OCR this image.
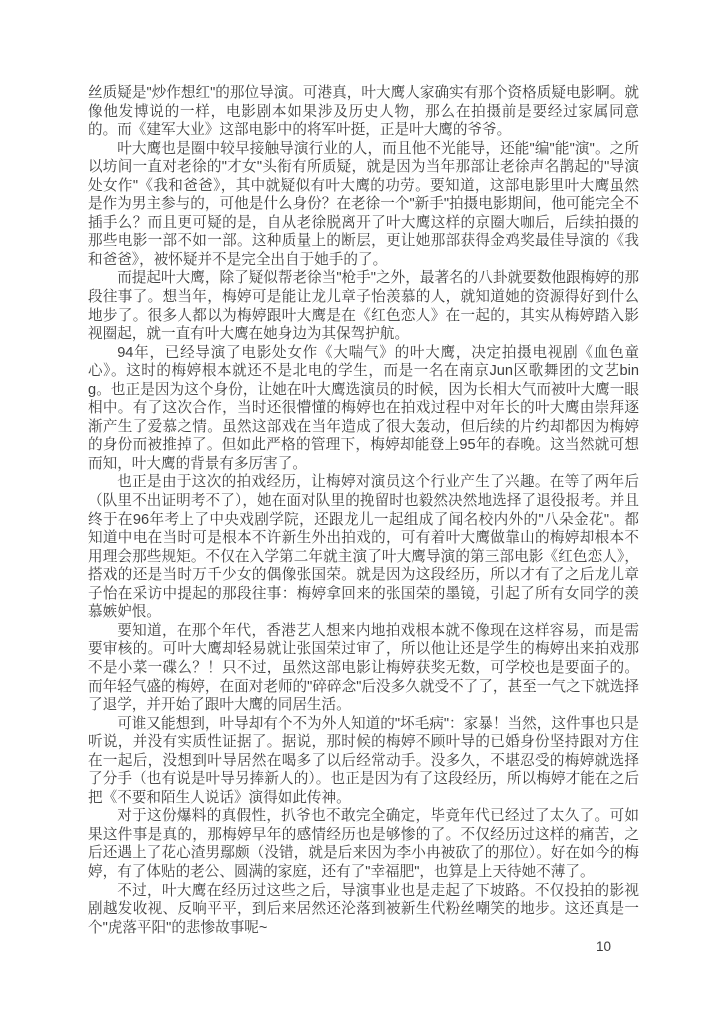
丝质疑是"炒作想红"的那位导演。可港真，叶大鹰人家确实有那个资格质疑电影啊。就像他发博说的一样，电影剧本如果涉及历史人物，那么在拍摄前是要经过家属同意的。而《建军大业》这部电影中的将军叶挺，正是叶大鹰的爷爷。

叶大鹰也是圈中较早接触导演行业的人，而且他不光能导，还能"编"能"演"。之所以坊间一直对老徐的"才女"头衔有所质疑，就是因为当年那部让老徐声名鹊起的"导演处女作"《我和爸爸》，其中就疑似有叶大鹰的功劳。要知道，这部电影里叶大鹰虽然是作为男主参与的，可他是什么身份？在老徐一个"新手"拍摄电影期间，他可能完全不插手么？而且更可疑的是，自从老徐脱离开了叶大鹰这样的京圈大咖后，后续拍摄的那些电影一部不如一部。这种质量上的断层，更让她那部获得金鸡奖最佳导演的《我和爸爸》，被怀疑并不是完全出自于她手的了。

而提起叶大鹰，除了疑似帮老徐当"枪手"之外，最著名的八卦就要数他跟梅婷的那段往事了。想当年，梅婷可是能让龙儿章子怡羡慕的人，就知道她的资源得好到什么地步了。很多人都以为梅婷跟叶大鹰是在《红色恋人》在一起的，其实从梅婷踏入影视圈起，就一直有叶大鹰在她身边为其保驾护航。

94年，已经导演了电影处女作《大喘气》的叶大鹰，决定拍摄电视剧《血色童心》。这时的梅婷根本就还不是北电的学生，而是一名在南京Jun区歌舞团的文艺bing。也正是因为这个身份，让她在叶大鹰选演员的时候，因为长相大气而被叶大鹰一眼相中。有了这次合作，当时还很懵懂的梅婷也在拍戏过程中对年长的叶大鹰由崇拜逐渐产生了爱慕之情。虽然这部戏在当年造成了很大轰动，但后续的片约却都因为梅婷的身份而被推掉了。但如此严格的管理下，梅婷却能登上95年的春晚。这当然就可想而知，叶大鹰的背景有多厉害了。

也正是由于这次的拍戏经历，让梅婷对演员这个行业产生了兴趣。在等了两年后（队里不出证明考不了），她在面对队里的挽留时也毅然决然地选择了退役报考。并且终于在96年考上了中央戏剧学院，还跟龙儿一起组成了闻名校内外的"八朵金花"。都知道中电在当时可是根本不许新生外出拍戏的，可有着叶大鹰做靠山的梅婷却根本不用理会那些规矩。不仅在入学第二年就主演了叶大鹰导演的第三部电影《红色恋人》，搭戏的还是当时万千少女的偶像张国荣。就是因为这段经历，所以才有了之后龙儿章子怡在采访中提起的那段往事：梅婷拿回来的张国荣的墨镜，引起了所有女同学的羡慕嫉妒恨。

要知道，在那个年代，香港艺人想来内地拍戏根本就不像现在这样容易，而是需要审核的。可叶大鹰却轻易就让张国荣过审了，所以他让还是学生的梅婷出来拍戏那不是小菜一碟么？！只不过，虽然这部电影让梅婷获奖无数，可学校也是要面子的。而年轻气盛的梅婷，在面对老师的"碎碎念"后没多久就受不了了，甚至一气之下就选择了退学，并开始了跟叶大鹰的同居生活。

可谁又能想到，叶导却有个不为外人知道的"坏毛病"：家暴！当然，这件事也只是听说，并没有实质性证据了。据说，那时候的梅婷不顾叶导的已婚身份坚持跟对方住在一起后，没想到叶导居然在喝多了以后经常动手。没多久，不堪忍受的梅婷就选择了分手（也有说是叶导另捧新人的）。也正是因为有了这段经历，所以梅婷才能在之后把《不要和陌生人说话》演得如此传神。

对于这份爆料的真假性，扒爷也不敢完全确定，毕竟年代已经过了太久了。可如果这件事是真的，那梅婷早年的感情经历也是够惨的了。不仅经历过这样的痛苦，之后还遇上了花心渣男鄢颇（没错，就是后来因为李小冉被砍了的那位）。好在如今的梅婷，有了体贴的老公、圆满的家庭，还有了"幸福肥"，也算是上天待她不薄了。

不过，叶大鹰在经历过这些之后，导演事业也是走起了下坡路。不仅投拍的影视剧越发收视、反响平平，到后来居然还沦落到被新生代粉丝嘲笑的地步。这还真是一个"虎落平阳"的悲惨故事呢~

10
